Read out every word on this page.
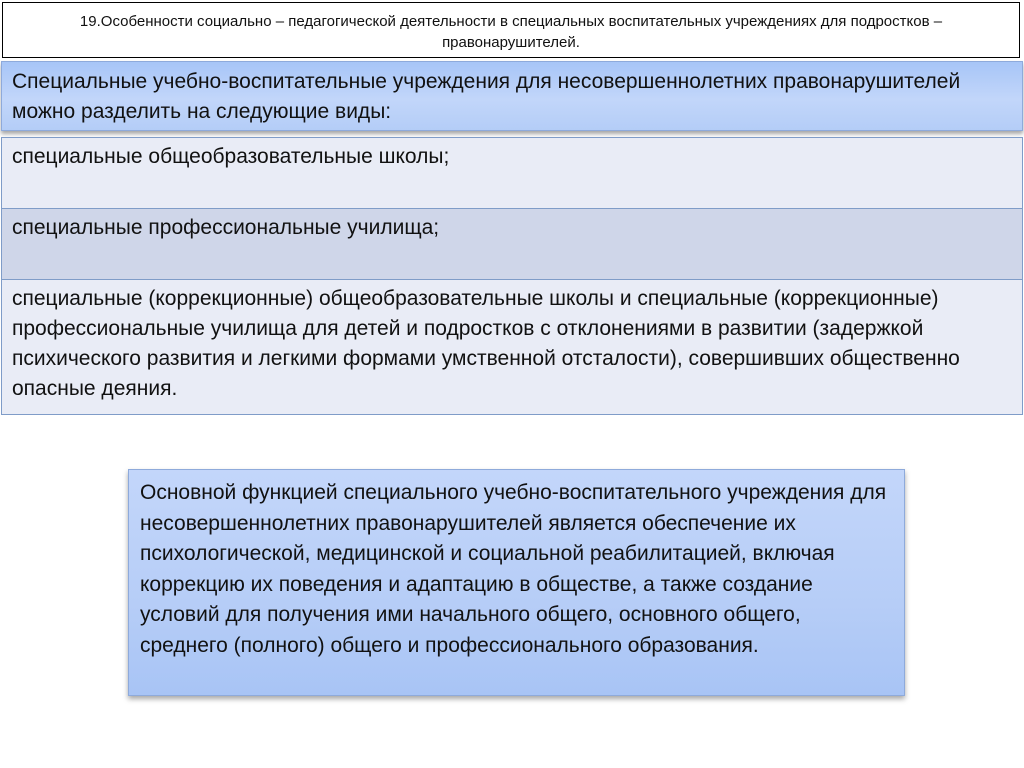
19.Особенности социально – педагогической деятельности в специальных воспитательных учреждениях для подростков – правонарушителей.
Специальные учебно-воспитательные учреждения для несовершеннолетних правонарушителей можно разделить на следующие виды:
специальные общеобразовательные школы;
специальные профессиональные училища;
специальные (коррекционные) общеобразовательные школы и специальные (коррекционные) профессиональные училища для детей и подростков с отклонениями в развитии (задержкой психического развития и легкими формами умственной отсталости), совершивших общественно опасные деяния.
Основной функцией специального учебно-воспитательного учреждения для несовершеннолетних правонарушителей является обеспечение их психологической, медицинской и социальной реабилитацией, включая коррекцию их поведения и адаптацию в обществе, а также создание условий для получения ими начального общего, основного общего, среднего (полного) общего и профессионального образования.
